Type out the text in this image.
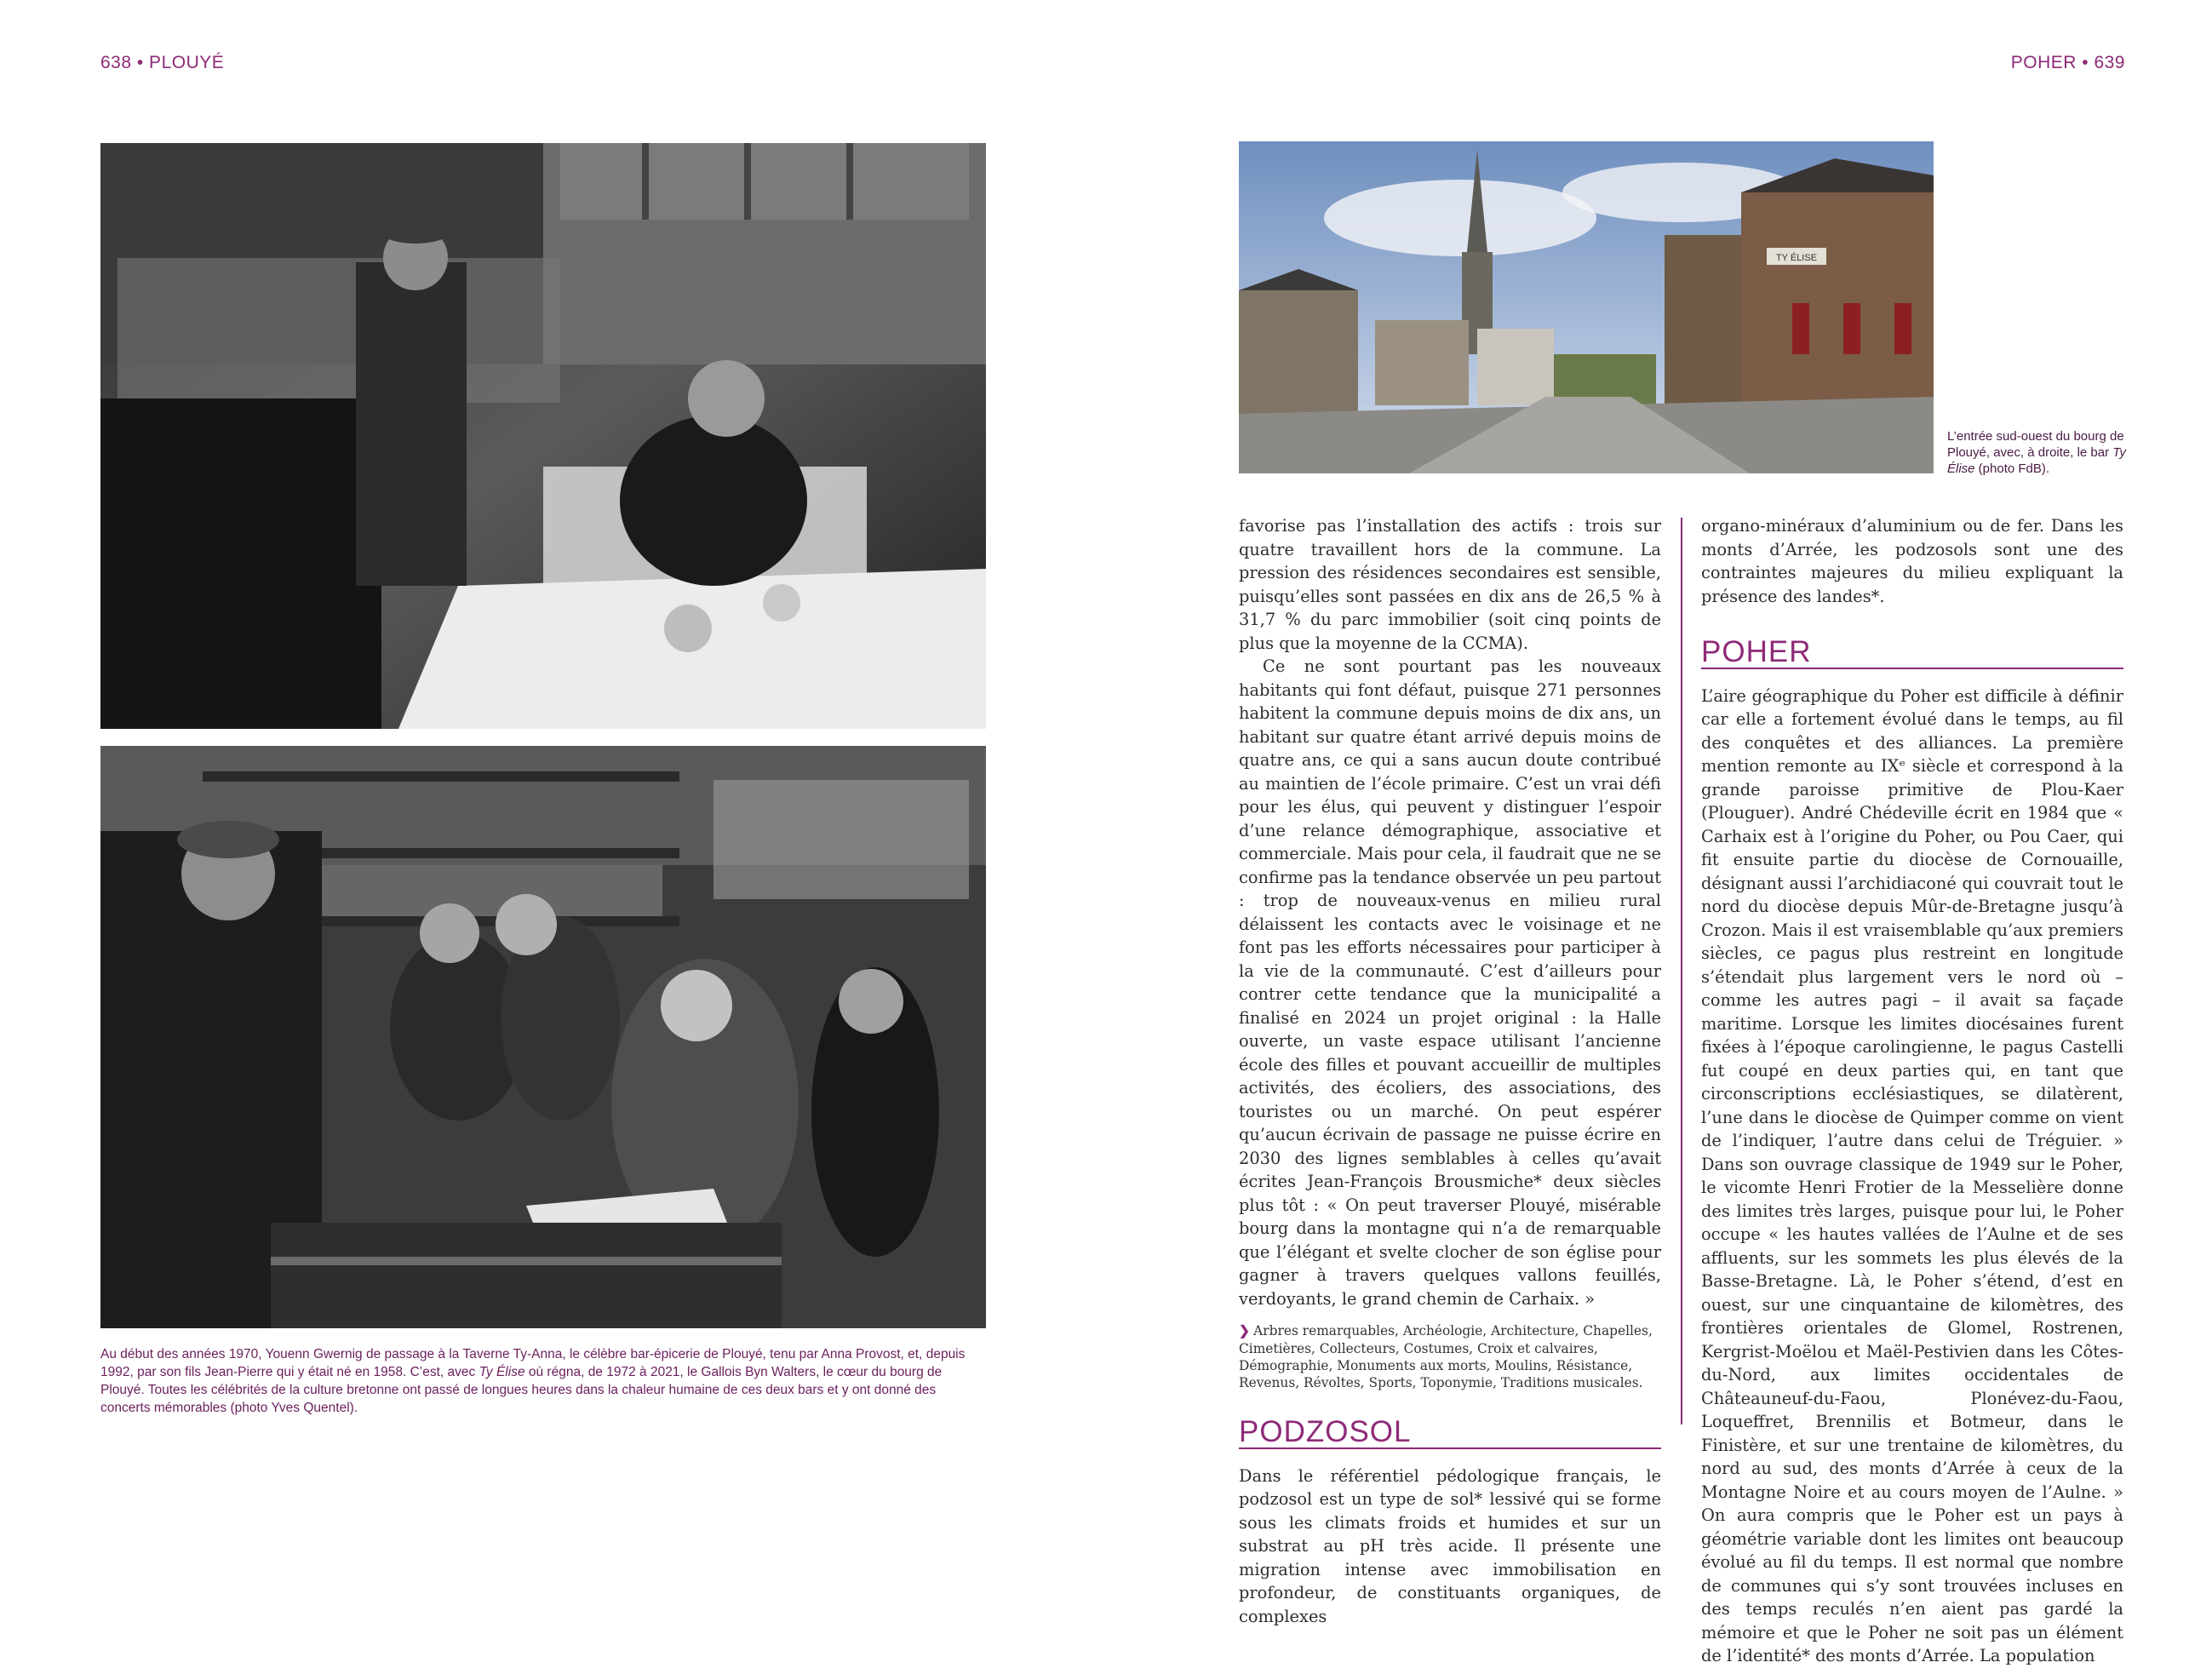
638 • PLOUYÉ	POHER • 639
Au début des années 1970, Youenn Gwernig de passage à la Taverne Ty-Anna, le célèbre bar-épicerie de Plouyé, tenu par Anna Provost, et, depuis 1992, par son fils Jean-Pierre qui y était né en 1958. C’est, avec Ty Élise où régna, de 1972 à 2021, le Gallois Byn Walters, le cœur du bourg de Plouyé. Toutes les célébrités de la culture bretonne ont passé de longues heures dans la chaleur humaine de ces deux bars et y ont donné des concerts mémorables (photo Yves Quentel).
TY ÉLISE
L’entrée sud-ouest du bourg de Plouyé, avec, à droite, le bar Ty Élise (photo FdB).

favorise pas l’installation des actifs : trois sur quatre travaillent hors de la commune. La pression des résidences secondaires est sensible, puisqu’elles sont passées en dix ans de 26,5 % à 31,7 % du parc immobilier (soit cinq points de plus que la moyenne de la CCMA).

Ce ne sont pourtant pas les nouveaux habitants qui font défaut, puisque 271 personnes habitent la commune depuis moins de dix ans, un habitant sur quatre étant arrivé depuis moins de quatre ans, ce qui a sans aucun doute contribué au maintien de l’école primaire. C’est un vrai défi pour les élus, qui peuvent y distinguer l’espoir d’une relance démographique, associative et commerciale. Mais pour cela, il faudrait que ne se confirme pas la tendance observée un peu partout : trop de nouveaux-venus en milieu rural délaissent les contacts avec le voisinage et ne font pas les efforts nécessaires pour participer à la vie de la communauté. C’est d’ailleurs pour contrer cette tendance que la municipalité a finalisé en 2024 un projet original : la Halle ouverte, un vaste espace utilisant l’ancienne école des filles et pouvant accueillir de multiples activités, des écoliers, des associations, des touristes ou un marché. On peut espérer qu’aucun écrivain de passage ne puisse écrire en 2030 des lignes semblables à celles qu’avait écrites Jean-François Brousmiche* deux siècles plus tôt : « On peut traverser Plouyé, misérable bourg dans la montagne qui n’a de remarquable que l’élégant et svelte clocher de son église pour gagner à travers quelques vallons feuillés, verdoyants, le grand chemin de Carhaix. »

❯ Arbres remarquables, Archéologie, Architecture, Chapelles, Cimetières, Collecteurs, Costumes, Croix et calvaires, Démographie, Monuments aux morts, Moulins, Résistance, Revenus, Révoltes, Sports, Toponymie, Traditions musicales.
PODZOSOL

Dans le référentiel pédologique français, le podzosol est un type de sol* lessivé qui se forme sous les climats froids et humides et sur un substrat au pH très acide. Il présente une migration intense avec immobilisation en profondeur, de constituants organiques, de complexes

organo-minéraux d’aluminium ou de fer. Dans les monts d’Arrée, les podzosols sont une des contraintes majeures du milieu expliquant la présence des landes*.

POHER

L’aire géographique du Poher est difficile à définir car elle a fortement évolué dans le temps, au fil des conquêtes et des alliances. La première mention remonte au IXᵉ siècle et correspond à la grande paroisse primitive de Plou-Kaer (Plouguer). André Chédeville écrit en 1984 que « Carhaix est à l’origine du Poher, ou Pou Caer, qui fit ensuite partie du diocèse de Cornouaille, désignant aussi l’archidiaconé qui couvrait tout le nord du diocèse depuis Mûr-de-Bretagne jusqu’à Crozon. Mais il est vraisemblable qu’aux premiers siècles, ce pagus plus restreint en longitude s’étendait plus largement vers le nord où – comme les autres pagi – il avait sa façade maritime. Lorsque les limites diocésaines furent fixées à l’époque carolingienne, le pagus Castelli fut coupé en deux parties qui, en tant que circonscriptions ecclésiastiques, se dilatèrent, l’une dans le diocèse de Quimper comme on vient de l’indiquer, l’autre dans celui de Tréguier. » Dans son ouvrage classique de 1949 sur le Poher, le vicomte Henri Frotier de la Messelière donne des limites très larges, puisque pour lui, le Poher occupe « les hautes vallées de l’Aulne et de ses affluents, sur les sommets les plus élevés de la Basse-Bretagne. Là, le Poher s’étend, d’est en ouest, sur une cinquantaine de kilomètres, des frontières orientales de Glomel, Rostrenen, Kergrist-Moëlou et Maël-Pestivien dans les Côtes-du-Nord, aux limites occidentales de Châteauneuf-du-Faou, Plonévez-du-Faou, Loqueffret, Brennilis et Botmeur, dans le Finistère, et sur une trentaine de kilomètres, du nord au sud, des monts d’Arrée à ceux de la Montagne Noire et au cours moyen de l’Aulne. » On aura compris que le Poher est un pays à géométrie variable dont les limites ont beaucoup évolué au fil du temps. Il est normal que nombre de communes qui s’y sont trouvées incluses en des temps reculés n’en aient pas gardé la mémoire et que le Poher ne soit pas un élément de l’identité* des monts d’Arrée. La population
